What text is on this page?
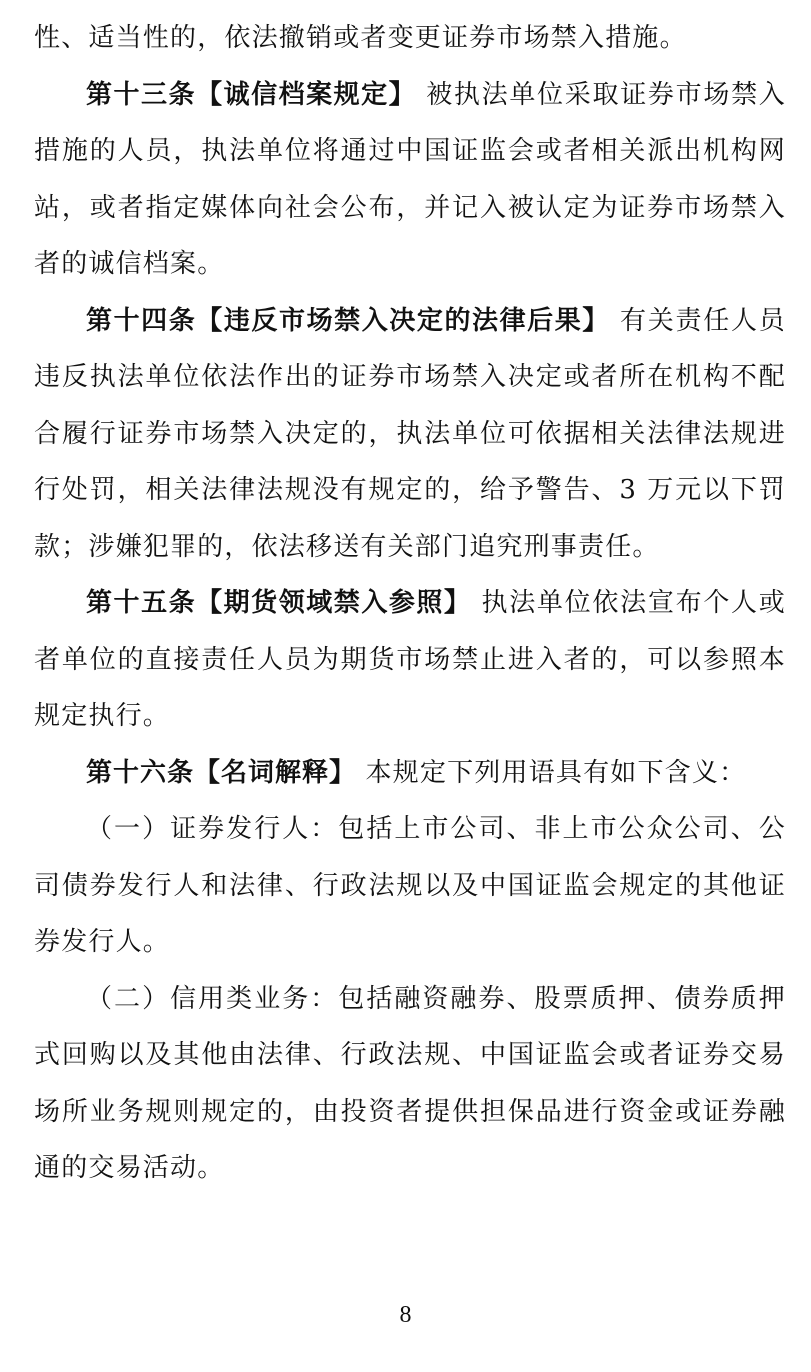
性、适当性的，依法撤销或者变更证券市场禁入措施。

第十三条【诚信档案规定】 被执法单位采取证券市场禁入措施的人员，执法单位将通过中国证监会或者相关派出机构网站，或者指定媒体向社会公布，并记入被认定为证券市场禁入者的诚信档案。

第十四条【违反市场禁入决定的法律后果】 有关责任人员违反执法单位依法作出的证券市场禁入决定或者所在机构不配合履行证券市场禁入决定的，执法单位可依据相关法律法规进行处罚，相关法律法规没有规定的，给予警告、3 万元以下罚款；涉嫌犯罪的，依法移送有关部门追究刑事责任。

第十五条【期货领域禁入参照】 执法单位依法宣布个人或者单位的直接责任人员为期货市场禁止进入者的，可以参照本规定执行。

第十六条【名词解释】 本规定下列用语具有如下含义：

（一）证券发行人：包括上市公司、非上市公众公司、公司债券发行人和法律、行政法规以及中国证监会规定的其他证券发行人。

（二）信用类业务：包括融资融券、股票质押、债券质押式回购以及其他由法律、行政法规、中国证监会或者证券交易场所业务规则规定的，由投资者提供担保品进行资金或证券融通的交易活动。

8
